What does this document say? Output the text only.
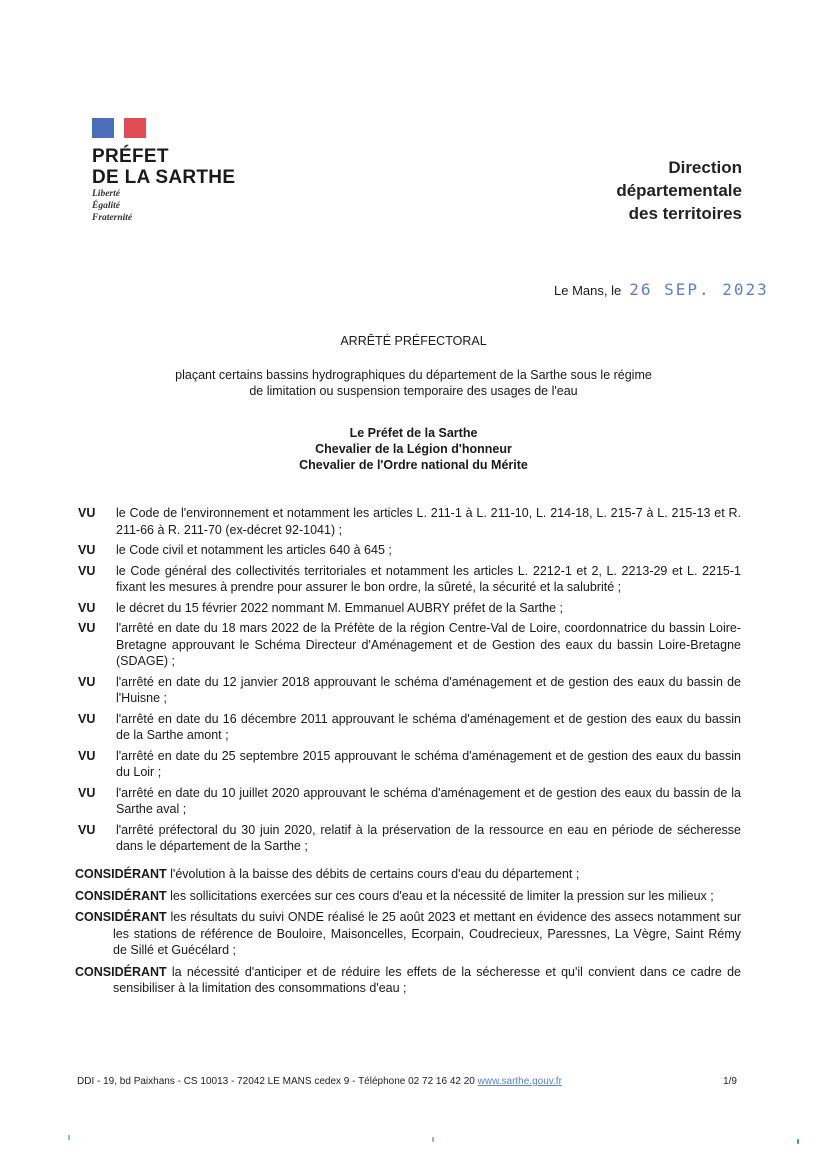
PRÉFET
DE LA SARTHE
Liberté
Égalité
Fraternité
Direction
départementale
des territoires
Le Mans, le 26 SEP. 2023
ARRÊTÉ PRÉFECTORAL
plaçant certains bassins hydrographiques du département de la Sarthe sous le régime
de limitation ou suspension temporaire des usages de l'eau
Le Préfet de la Sarthe
Chevalier de la Légion d'honneur
Chevalier de l'Ordre national du Mérite
VU	le Code de l'environnement et notamment les articles L. 211-1 à L. 211-10, L. 214-18, L. 215-7 à L. 215-13 et R. 211-66 à R. 211-70 (ex-décret 92-1041) ;
VU	le Code civil et notamment les articles 640 à 645 ;
VU	le Code général des collectivités territoriales et notamment les articles L. 2212-1 et 2, L. 2213-29 et L. 2215-1 fixant les mesures à prendre pour assurer le bon ordre, la sûreté, la sécurité et la salubrité ;
VU	le décret du 15 février 2022 nommant M. Emmanuel AUBRY préfet de la Sarthe ;
VU	l'arrêté en date du 18 mars 2022 de la Préfète de la région Centre-Val de Loire, coordonnatrice du bassin Loire-Bretagne approuvant le Schéma Directeur d'Aménagement et de Gestion des eaux du bassin Loire-Bretagne (SDAGE) ;
VU	l'arrêté en date du 12 janvier 2018 approuvant le schéma d'aménagement et de gestion des eaux du bassin de l'Huisne ;
VU	l'arrêté en date du 16 décembre 2011 approuvant le schéma d'aménagement et de gestion des eaux du bassin de la Sarthe amont ;
VU	l'arrêté en date du 25 septembre 2015 approuvant le schéma d'aménagement et de gestion des eaux du bassin du Loir ;
VU	l'arrêté en date du 10 juillet 2020 approuvant le schéma d'aménagement et de gestion des eaux du bassin de la Sarthe aval ;
VU	l'arrêté préfectoral du 30 juin 2020, relatif à la préservation de la ressource en eau en période de sécheresse dans le département de la Sarthe ;
CONSIDÉRANT l'évolution à la baisse des débits de certains cours d'eau du département ;
CONSIDÉRANT les sollicitations exercées sur ces cours d'eau et la nécessité de limiter la pression sur les milieux ;
CONSIDÉRANT les résultats du suivi ONDE réalisé le 25 août 2023 et mettant en évidence des assecs notamment sur les stations de référence de Bouloire, Maisoncelles, Ecorpain, Coudrecieux, Paressnes, La Vègre, Saint Rémy de Sillé et Guécélard ;
CONSIDÉRANT la nécessité d'anticiper et de réduire les effets de la sécheresse et qu'il convient dans ce cadre de sensibiliser à la limitation des consommations d'eau ;
DDI - 19, bd Paixhans - CS 10013 - 72042 LE MANS cedex 9 - Téléphone 02 72 16 42 20 www.sarthe.gouv.fr	1/9
